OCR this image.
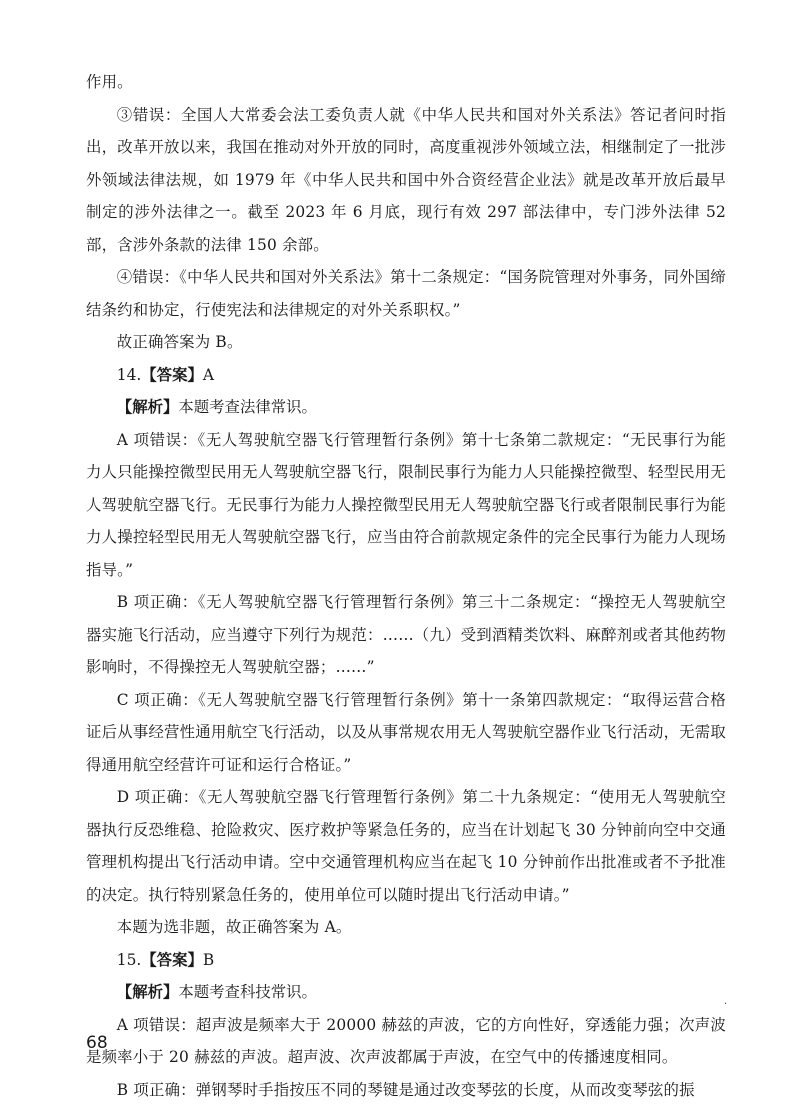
作用。

③错误：全国人大常委会法工委负责人就《中华人民共和国对外关系法》答记者问时指出，改革开放以来，我国在推动对外开放的同时，高度重视涉外领域立法，相继制定了一批涉外领域法律法规，如 1979 年《中华人民共和国中外合资经营企业法》就是改革开放后最早制定的涉外法律之一。截至 2023 年 6 月底，现行有效 297 部法律中，专门涉外法律 52 部，含涉外条款的法律 150 余部。

④错误：《中华人民共和国对外关系法》第十二条规定：“国务院管理对外事务，同外国缔结条约和协定，行使宪法和法律规定的对外关系职权。”

故正确答案为 B。

14.【答案】A

【解析】本题考查法律常识。

A 项错误：《无人驾驶航空器飞行管理暂行条例》第十七条第二款规定：“无民事行为能力人只能操控微型民用无人驾驶航空器飞行，限制民事行为能力人只能操控微型、轻型民用无人驾驶航空器飞行。无民事行为能力人操控微型民用无人驾驶航空器飞行或者限制民事行为能力人操控轻型民用无人驾驶航空器飞行，应当由符合前款规定条件的完全民事行为能力人现场指导。”

B 项正确：《无人驾驶航空器飞行管理暂行条例》第三十二条规定：“操控无人驾驶航空器实施飞行活动，应当遵守下列行为规范：……（九）受到酒精类饮料、麻醉剂或者其他药物影响时，不得操控无人驾驶航空器；……”

C 项正确：《无人驾驶航空器飞行管理暂行条例》第十一条第四款规定：“取得运营合格证后从事经营性通用航空飞行活动，以及从事常规农用无人驾驶航空器作业飞行活动，无需取得通用航空经营许可证和运行合格证。”

D 项正确：《无人驾驶航空器飞行管理暂行条例》第二十九条规定：“使用无人驾驶航空器执行反恐维稳、抢险救灾、医疗救护等紧急任务的，应当在计划起飞 30 分钟前向空中交通管理机构提出飞行活动申请。空中交通管理机构应当在起飞 10 分钟前作出批准或者不予批准的决定。执行特别紧急任务的，使用单位可以随时提出飞行活动申请。”

本题为选非题，故正确答案为 A。

15.【答案】B

【解析】本题考查科技常识。

A 项错误：超声波是频率大于 20000 赫兹的声波，它的方向性好，穿透能力强；次声波是频率小于 20 赫兹的声波。超声波、次声波都属于声波，在空气中的传播速度相同。

B 项正确：弹钢琴时手指按压不同的琴键是通过改变琴弦的长度，从而改变琴弦的振

·
68
